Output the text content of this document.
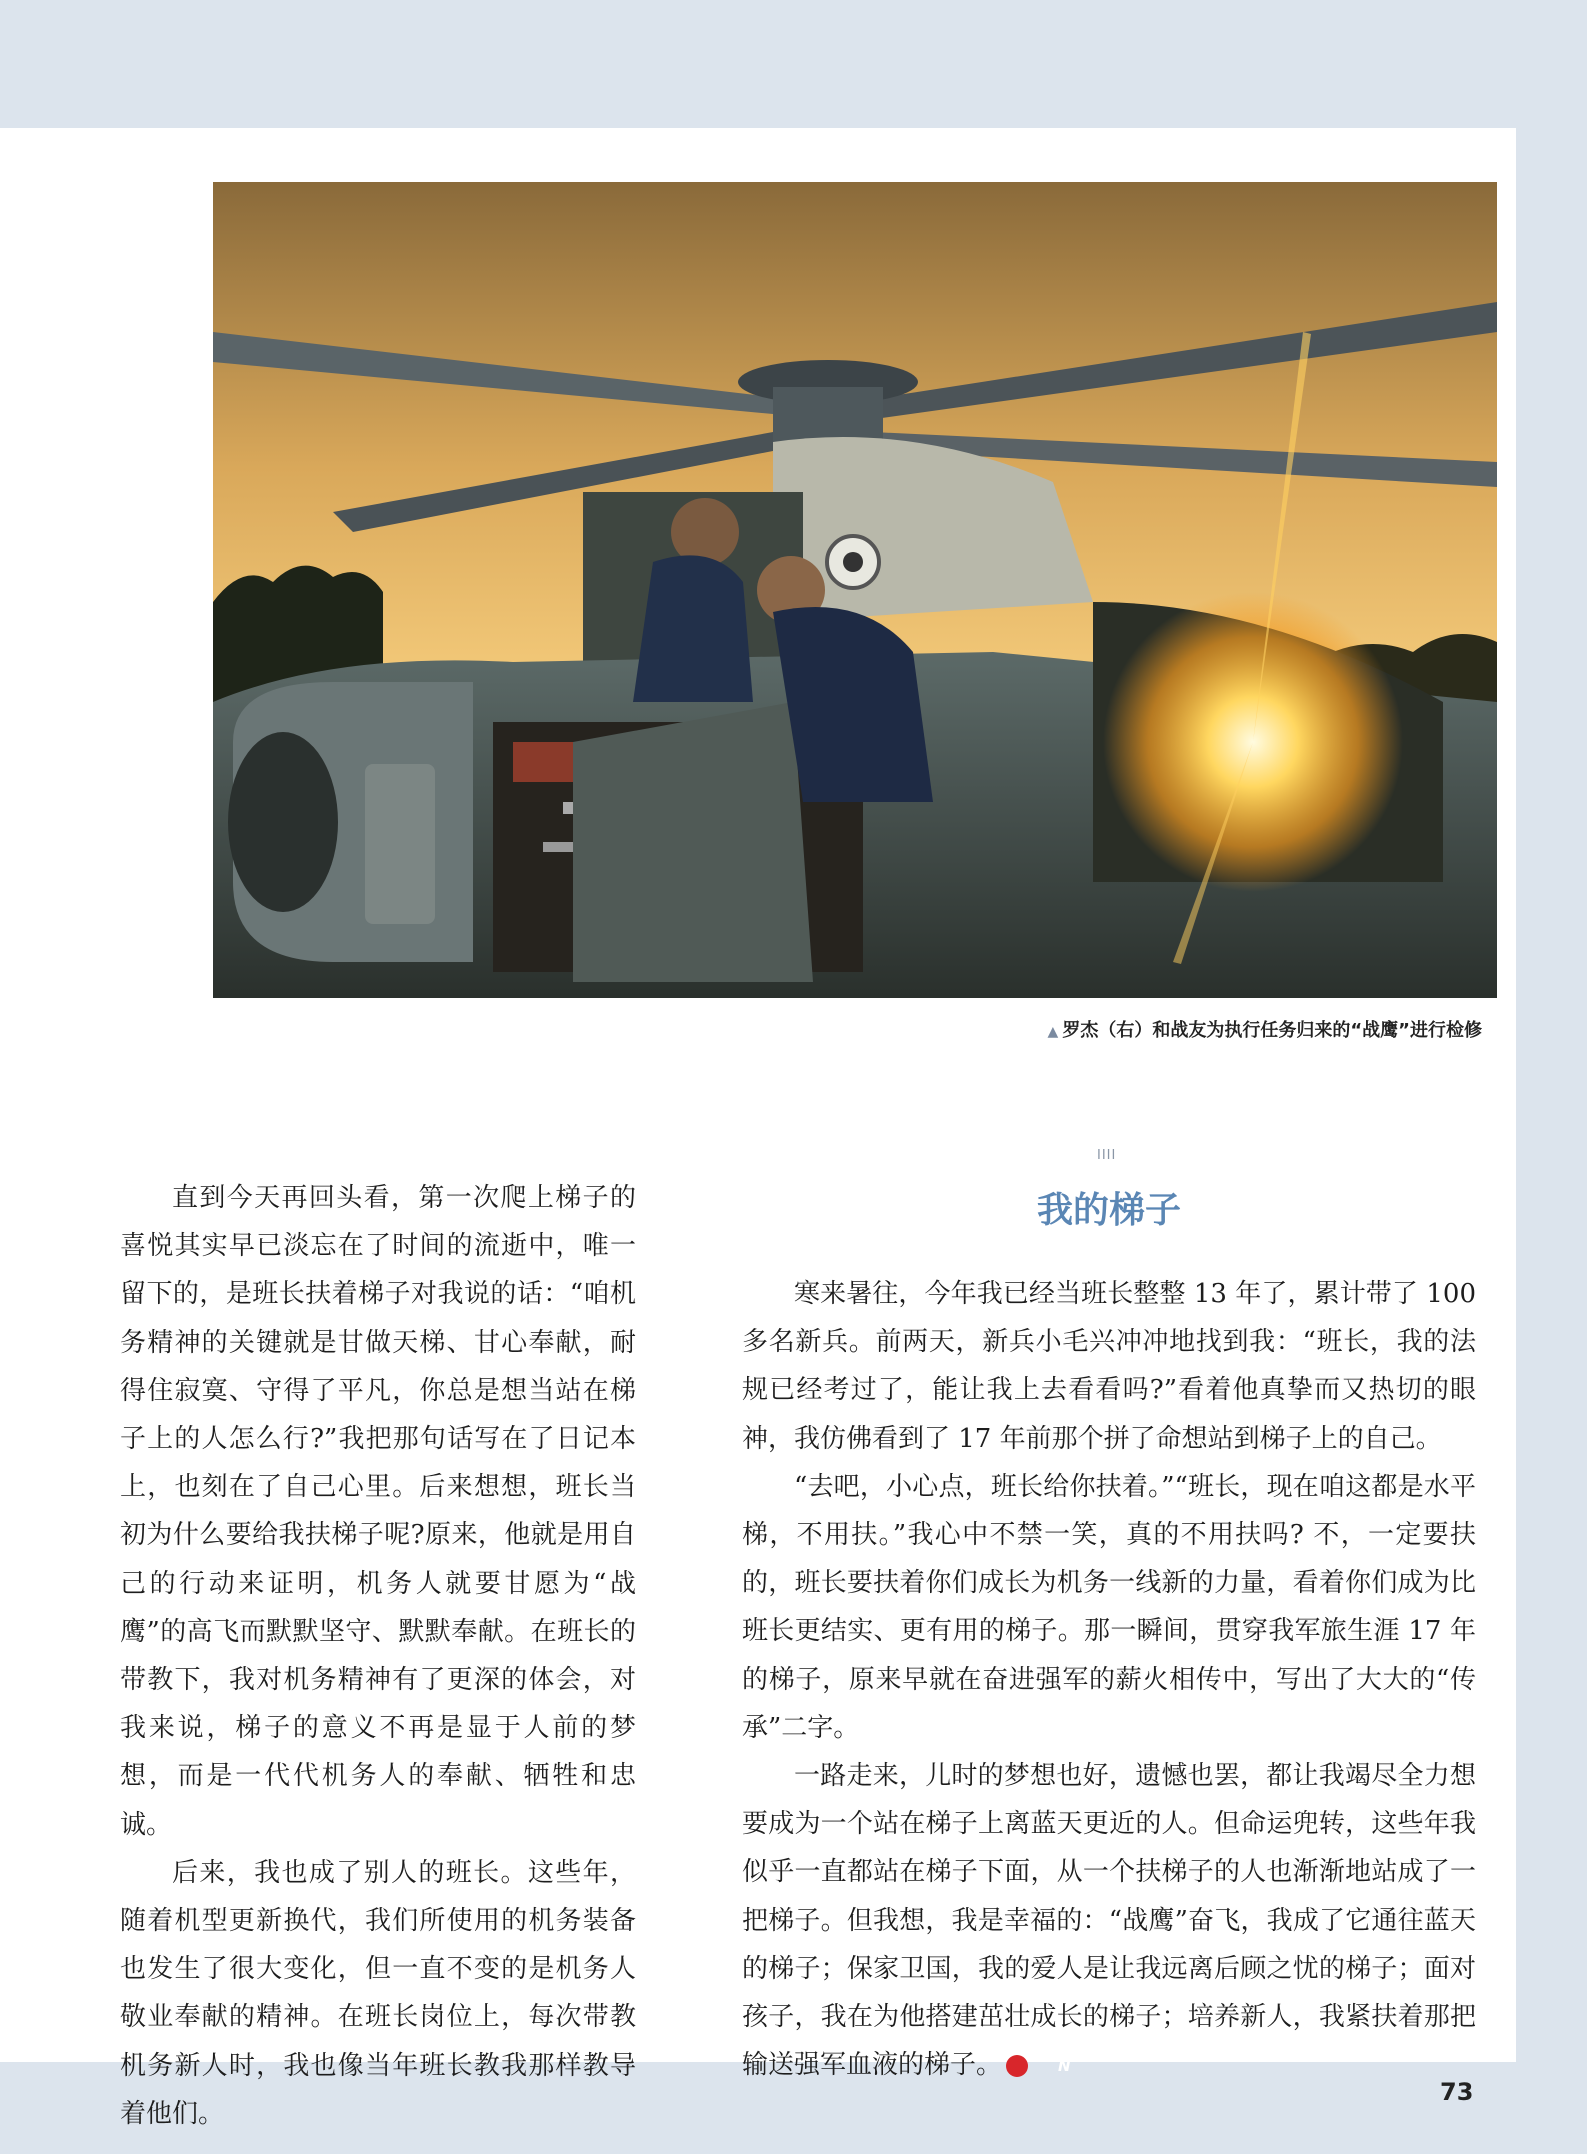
▲ 罗杰（右）和战友为执行任务归来的“战鹰”进行检修

直到今天再回头看，第一次爬上梯子的喜悦其实早已淡忘在了时间的流逝中，唯一留下的，是班长扶着梯子对我说的话：“咱机务精神的关键就是甘做天梯、甘心奉献，耐得住寂寞、守得了平凡，你总是想当站在梯子上的人怎么行?”我把那句话写在了日记本上，也刻在了自己心里。后来想想，班长当初为什么要给我扶梯子呢?原来，他就是用自己的行动来证明，机务人就要甘愿为“战鹰”的高飞而默默坚守、默默奉献。在班长的带教下，我对机务精神有了更深的体会，对我来说，梯子的意义不再是显于人前的梦想，而是一代代机务人的奉献、牺牲和忠诚。

后来，我也成了别人的班长。这些年，随着机型更新换代，我们所使用的机务装备也发生了很大变化，但一直不变的是机务人敬业奉献的精神。在班长岗位上，每次带教机务新人时，我也像当年班长教我那样教导着他们。

IIII
我的梯子

寒来暑往，今年我已经当班长整整 13 年了，累计带了 100 多名新兵。前两天，新兵小毛兴冲冲地找到我：“班长，我的法规已经考过了，能让我上去看看吗?”看着他真挚而又热切的眼神，我仿佛看到了 17 年前那个拼了命想站到梯子上的自己。

“去吧，小心点，班长给你扶着。”“班长，现在咱这都是水平梯，不用扶。”我心中不禁一笑，真的不用扶吗? 不，一定要扶的，班长要扶着你们成长为机务一线新的力量，看着你们成为比班长更结实、更有用的梯子。那一瞬间，贯穿我军旅生涯 17 年的梯子，原来早就在奋进强军的薪火相传中，写出了大大的“传承”二字。

一路走来，儿时的梦想也好，遗憾也罢，都让我竭尽全力想要成为一个站在梯子上离蓝天更近的人。但命运兜转，这些年我似乎一直都站在梯子下面，从一个扶梯子的人也渐渐地站成了一把梯子。但我想，我是幸福的：“战鹰”奋飞，我成了它通往蓝天的梯子；保家卫国，我的爱人是让我远离后顾之忧的梯子；面对孩子，我在为他搭建茁壮成长的梯子；培养新人，我紧扶着那把输送强军血液的梯子。	N

73
